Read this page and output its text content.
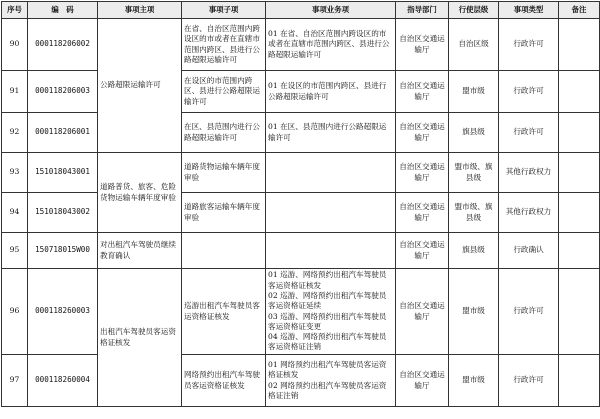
序号	编　码	事项主项	事项子项	事项业务项	指导部门	行使层级	事项类型	备注
90	000118206002	公路超限运输许可	在省、自治区范围内跨设区的市或者在直辖市范围内跨区、县进行公路超限运输许可	01 在省、自治区范围内跨设区的市或者在直辖市范围内跨区、县进行公路超限运输许可	自治区交通运输厅	自治区级	行政许可	
91	000118206003		在设区的市范围内跨区、县进行公路超限运输许可	01 在设区的市范围内跨区、县进行公路超限运输许可	自治区交通运输厅	盟市级	行政许可	
92	000118206001		在区、县范围内进行公路超限运输许可	01 在区、县范围内进行公路超限运输许可	自治区交通运输厅	旗县级	行政许可	
93	151018043001	道路普货、旅客、危险货物运输车辆年度审验	道路货物运输车辆年度审验		自治区交通运输厅	盟市级、旗县级	其他行政权力	
94	151018043002		道路旅客运输车辆年度审验		自治区交通运输厅	盟市级、旗县级	其他行政权力	
95	150718015W00	对出租汽车驾驶员继续教育确认			自治区交通运输厅	旗县级	行政确认	
96	000118260003	出租汽车驾驶员客运资格证核发	巡游出租汽车驾驶员客运资格证核发	01 巡游、网络预约出租汽车驾驶员客运资格证核发
02 巡游、网络预约出租汽车驾驶员客运资格证延续
03 巡游、网络预约出租汽车驾驶员客运资格证变更
04 巡游、网络预约出租汽车驾驶员客运资格证注销	自治区交通运输厅	盟市级	行政许可	
97	000118260004		网络预约出租汽车驾驶员客运资格证核发	01 网络预约出租汽车驾驶员客运资格证核发
02 网络预约出租汽车驾驶员客运资格证注销	自治区交通运输厅	盟市级	行政许可	
